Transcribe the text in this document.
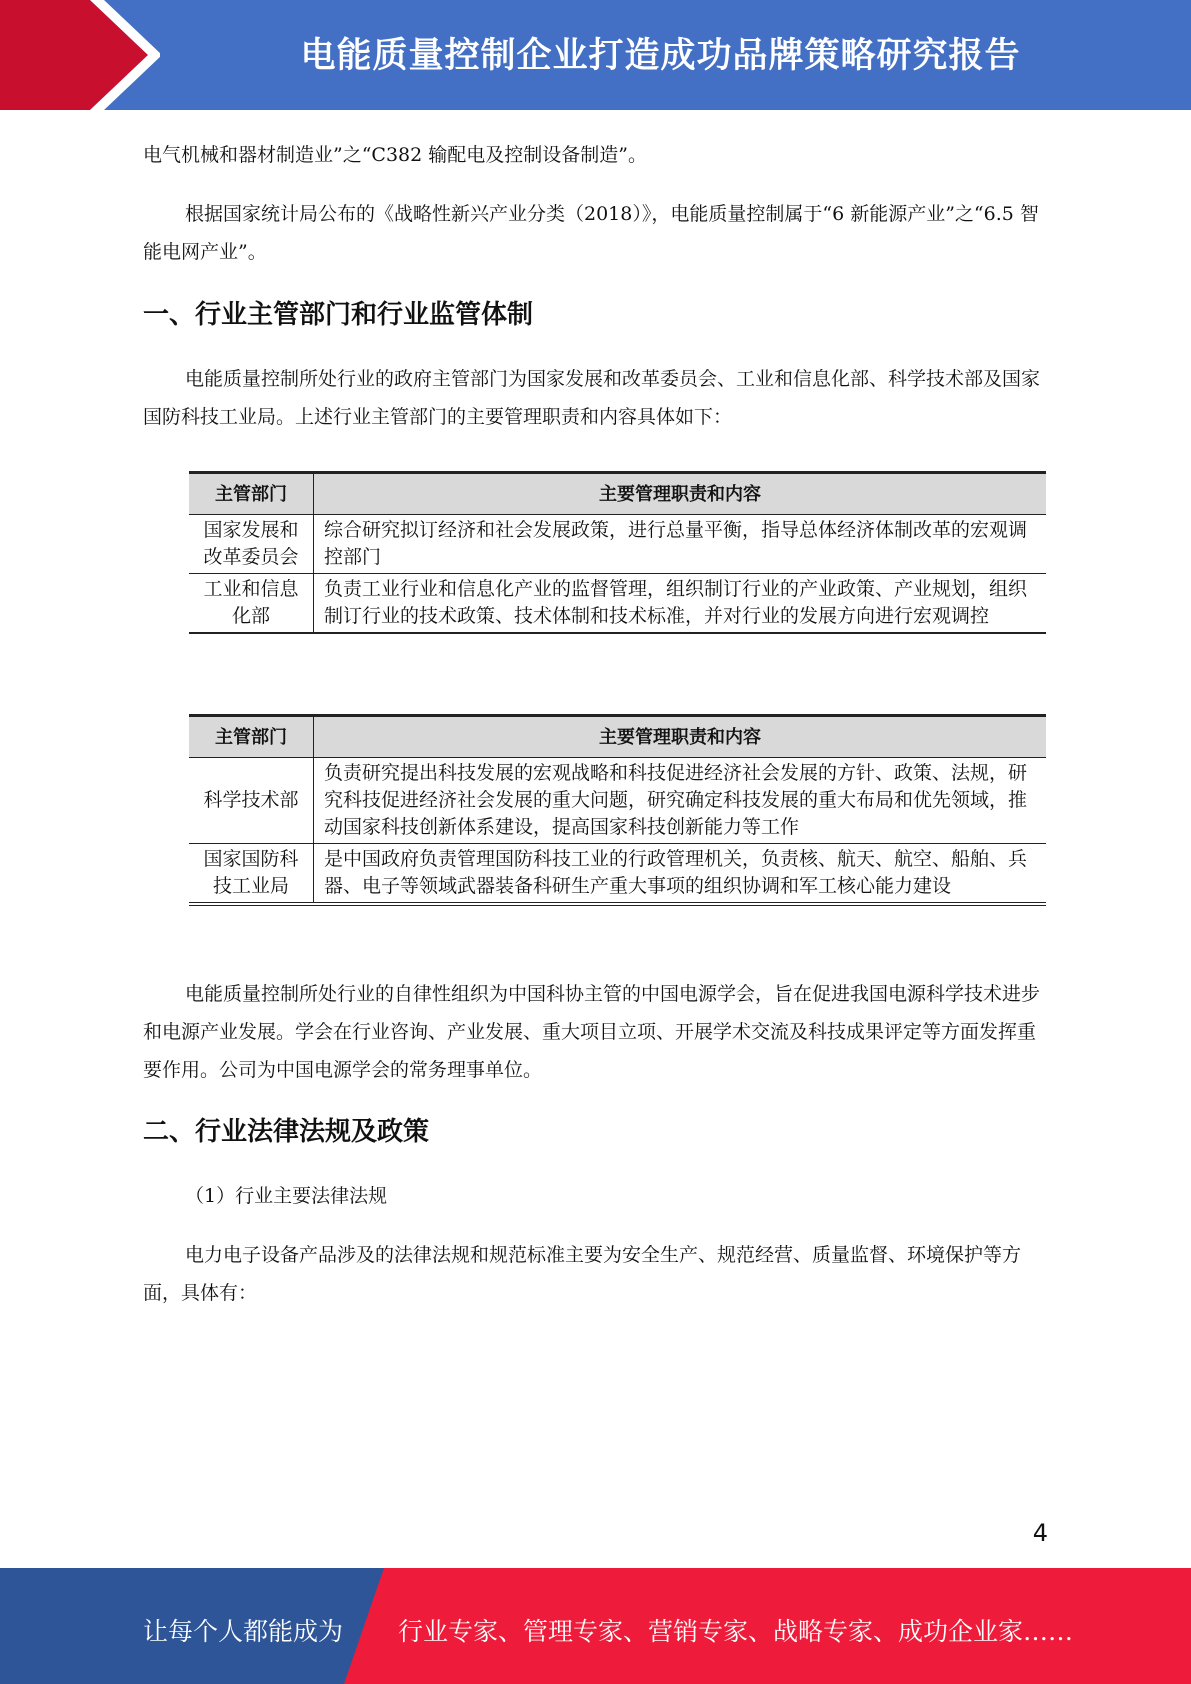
电能质量控制企业打造成功品牌策略研究报告

电气机械和器材制造业”之“C382 输配电及控制设备制造”。

根据国家统计局公布的《战略性新兴产业分类（2018）》，电能质量控制属于“6 新能源产业”之“6.5 智能电网产业”。

一、行业主管部门和行业监管体制

电能质量控制所处行业的政府主管部门为国家发展和改革委员会、工业和信息化部、科学技术部及国家国防科技工业局。上述行业主管部门的主要管理职责和内容具体如下：

主管部门	主要管理职责和内容
国家发展和改革委员会	综合研究拟订经济和社会发展政策，进行总量平衡，指导总体经济体制改革的宏观调控部门
工业和信息化部	负责工业行业和信息化产业的监督管理，组织制订行业的产业政策、产业规划，组织制订行业的技术政策、技术体制和技术标准，并对行业的发展方向进行宏观调控
主管部门	主要管理职责和内容
科学技术部	负责研究提出科技发展的宏观战略和科技促进经济社会发展的方针、政策、法规，研究科技促进经济社会发展的重大问题，研究确定科技发展的重大布局和优先领域，推动国家科技创新体系建设，提高国家科技创新能力等工作
国家国防科技工业局	是中国政府负责管理国防科技工业的行政管理机关，负责核、航天、航空、船舶、兵器、电子等领域武器装备科研生产重大事项的组织协调和军工核心能力建设

电能质量控制所处行业的自律性组织为中国科协主管的中国电源学会，旨在促进我国电源科学技术进步和电源产业发展。学会在行业咨询、产业发展、重大项目立项、开展学术交流及科技成果评定等方面发挥重要作用。公司为中国电源学会的常务理事单位。

二、行业法律法规及政策

（1）行业主要法律法规

电力电子设备产品涉及的法律法规和规范标准主要为安全生产、规范经营、质量监督、环境保护等方面，具体有：

4
让每个人都能成为 行业专家、管理专家、营销专家、战略专家、成功企业家……
